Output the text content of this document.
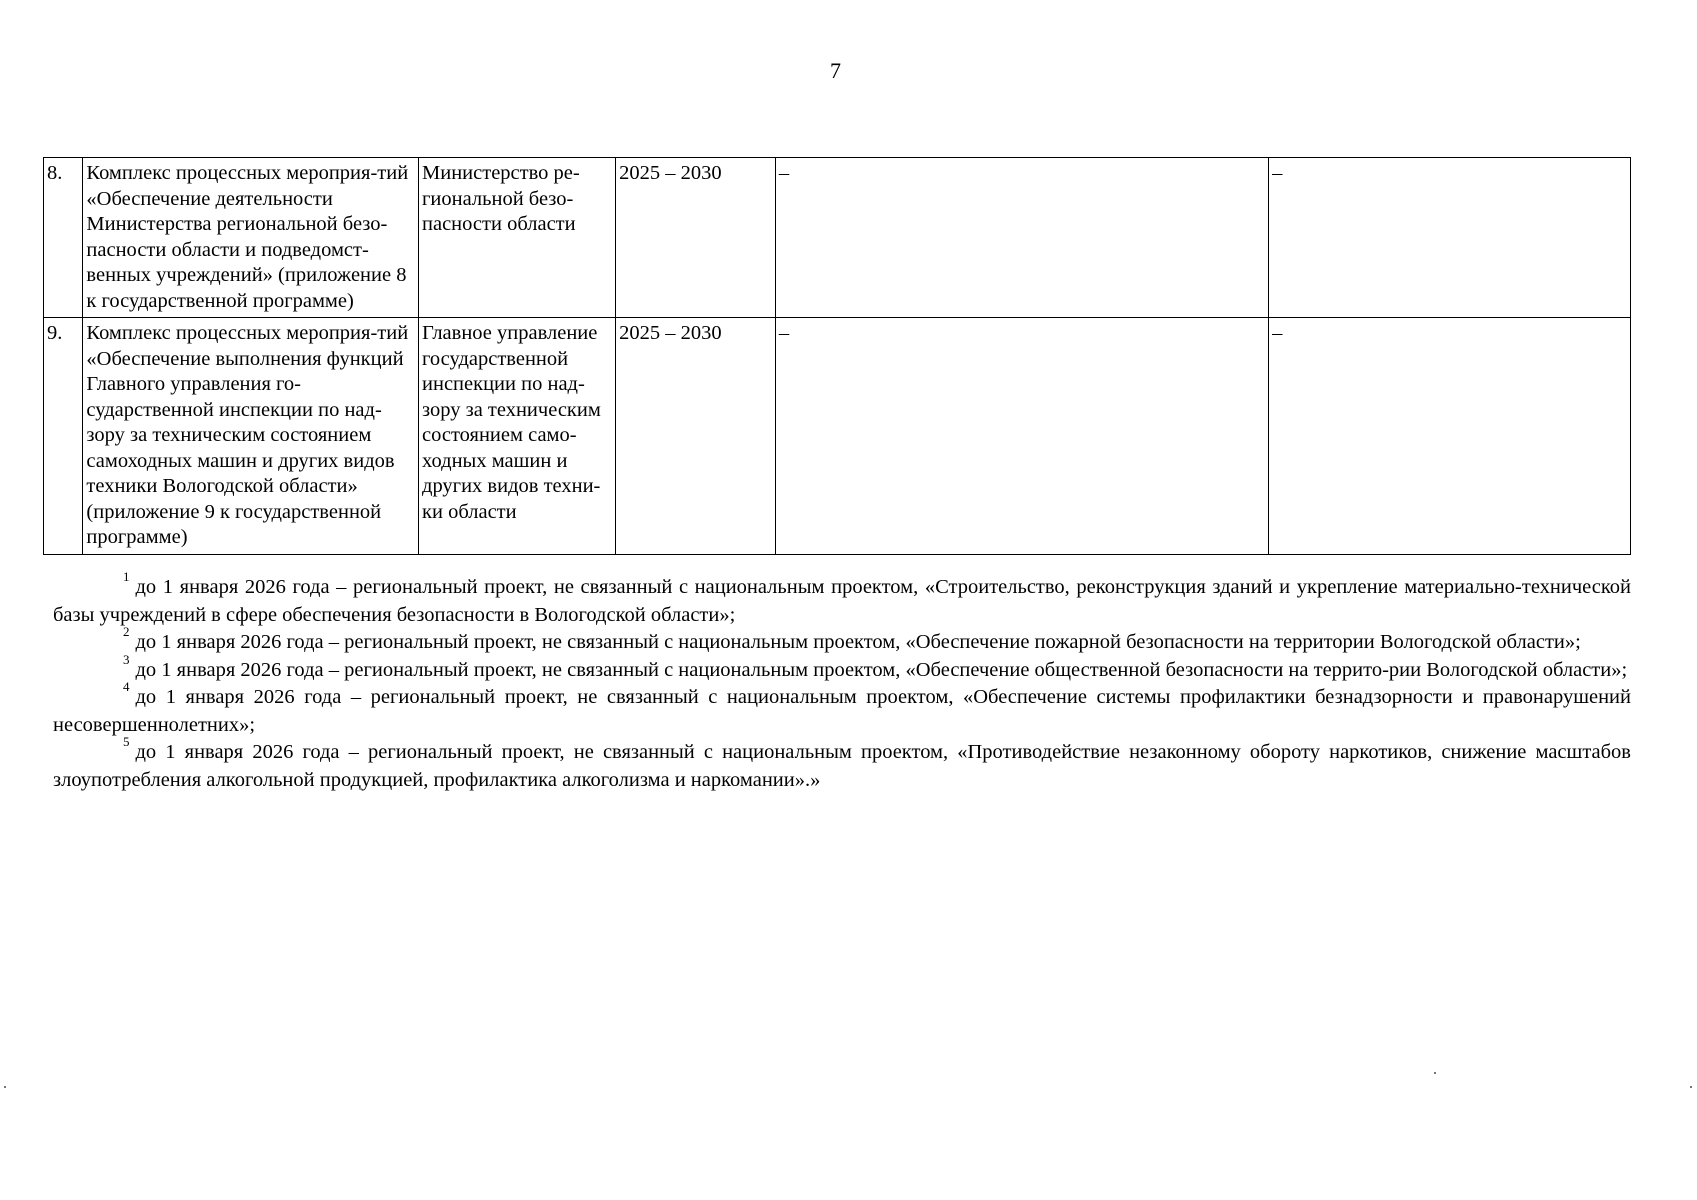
7
8.	Комплекс процессных мероприя-тий «Обеспечение деятельности Министерства региональной безо-пасности области и подведомст-венных учреждений» (приложение 8 к государственной программе)	Министерство ре-гиональной безо-пасности области	2025 – 2030	–	–
9.	Комплекс процессных мероприя-тий «Обеспечение выполнения функций Главного управления го-сударственной инспекции по над-зору за техническим состоянием самоходных машин и других видов техники Вологодской области» (приложение 9 к государственной программе)	Главное управление государственной инспекции по над-зору за техническим состоянием само-ходных машин и других видов техни-ки области	2025 – 2030	–	–

$^1$ до 1 января 2026 года – региональный проект, не связанный с национальным проектом, «Строительство, реконструкция зданий и укрепление материально-технической базы учреждений в сфере обеспечения безопасности в Вологодской области»;

$^2$ до 1 января 2026 года – региональный проект, не связанный с национальным проектом, «Обеспечение пожарной безопасности на территории Вологодской области»;

$^3$ до 1 января 2026 года – региональный проект, не связанный с национальным проектом, «Обеспечение общественной безопасности на террито-рии Вологодской области»;

$^4$ до 1 января 2026 года – региональный проект, не связанный с национальным проектом, «Обеспечение системы профилактики безнадзорности и правонарушений несовершеннолетних»;

$^5$ до 1 января 2026 года – региональный проект, не связанный с национальным проектом, «Противодействие незаконному обороту наркотиков, снижение масштабов злоупотребления алкогольной продукцией, профилактика алкоголизма и наркомании».»
